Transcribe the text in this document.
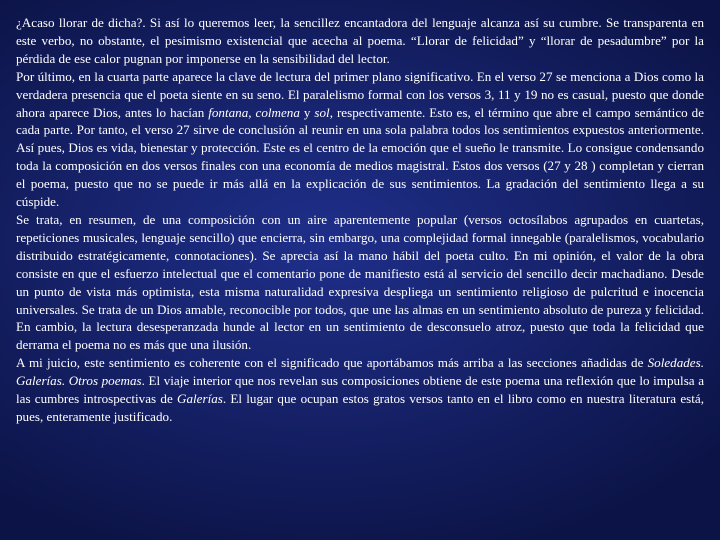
¿Acaso llorar de dicha?. Si así lo queremos leer, la sencillez encantadora del lenguaje alcanza así su cumbre. Se transparenta en este verbo, no obstante, el pesimismo existencial que acecha al poema. “Llorar de felicidad” y “llorar de pesadumbre” por la pérdida de ese calor pugnan por imponerse en la sensibilidad del lector.

Por último, en la cuarta parte aparece la clave de lectura del primer plano significativo. En el verso 27 se menciona a Dios como la verdadera presencia que el poeta siente en su seno. El paralelismo formal con los versos 3, 11 y 19 no es casual, puesto que donde ahora aparece Dios, antes lo hacían fontana, colmena y sol, respectivamente. Esto es, el término que abre el campo semántico de cada parte. Por tanto, el verso 27 sirve de conclusión al reunir en una sola palabra todos los sentimientos expuestos anteriormente. Así pues, Dios es vida, bienestar y protección. Este es el centro de la emoción que el sueño le transmite. Lo consigue condensando toda la composición en dos versos finales con una economía de medios magistral. Estos dos versos (27 y 28 ) completan y cierran el poema, puesto que no se puede ir más allá en la explicación de sus sentimientos. La gradación del sentimiento llega a su cúspide.

Se trata, en resumen, de una composición con un aire aparentemente popular (versos octosílabos agrupados en cuartetas, repeticiones musicales, lenguaje sencillo) que encierra, sin embargo, una complejidad formal innegable (paralelismos, vocabulario distribuido estratégicamente, connotaciones). Se aprecia así la mano hábil del poeta culto. En mi opinión, el valor de la obra consiste en que el esfuerzo intelectual que el comentario pone de manifiesto está al servicio del sencillo decir machadiano. Desde un punto de vista más optimista, esta misma naturalidad expresiva despliega un sentimiento religioso de pulcritud e inocencia universales. Se trata de un Dios amable, reconocible por todos, que une las almas en un sentimiento absoluto de pureza y felicidad. En cambio, la lectura desesperanzada hunde al lector en un sentimiento de desconsuelo atroz, puesto que toda la felicidad que derrama el poema no es más que una ilusión.

A mi juicio, este sentimiento es coherente con el significado que aportábamos más arriba a las secciones añadidas de Soledades. Galerías. Otros poemas. El viaje interior que nos revelan sus composiciones obtiene de este poema una reflexión que lo impulsa a las cumbres introspectivas de Galerías. El lugar que ocupan estos gratos versos tanto en el libro como en nuestra literatura está, pues, enteramente justificado.
